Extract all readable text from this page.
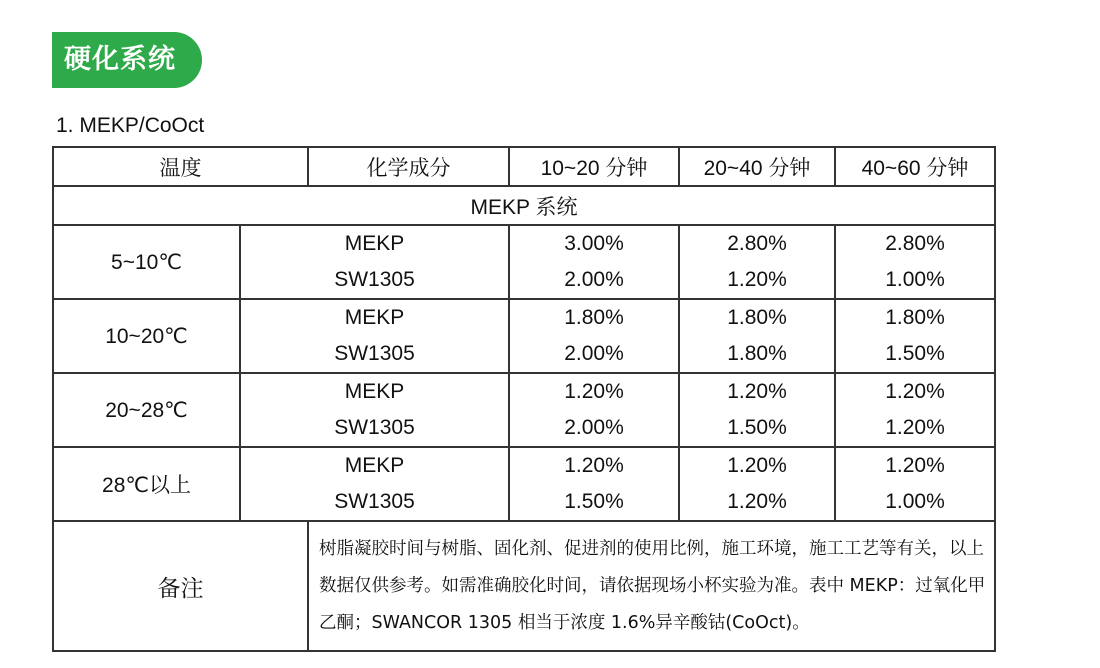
硬化系统
1. MEKP/CoOct
温度		化学成分	10~20 分钟	20~40 分钟	40~60 分钟
MEKP 系统					
5~10℃	MEKP		3.00%	2.80%	2.80%
	SW1305		2.00%	1.20%	1.00%
10~20℃	MEKP		1.80%	1.80%	1.80%
	SW1305		2.00%	1.80%	1.50%
20~28℃	MEKP		1.20%	1.20%	1.20%
	SW1305		2.00%	1.50%	1.20%
28℃以上	MEKP		1.20%	1.20%	1.20%
	SW1305		1.50%	1.20%	1.00%
备注		树脂凝胶时间与树脂、固化剂、促进剂的使用比例，施工环境，施工工艺等有关，以上数据仅供参考。如需准确胶化时间，请依据现场小杯实验为准。表中 MEKP：过氧化甲乙酮；SWANCOR 1305 相当于浓度 1.6%异辛酸钴(CoOct)。			
